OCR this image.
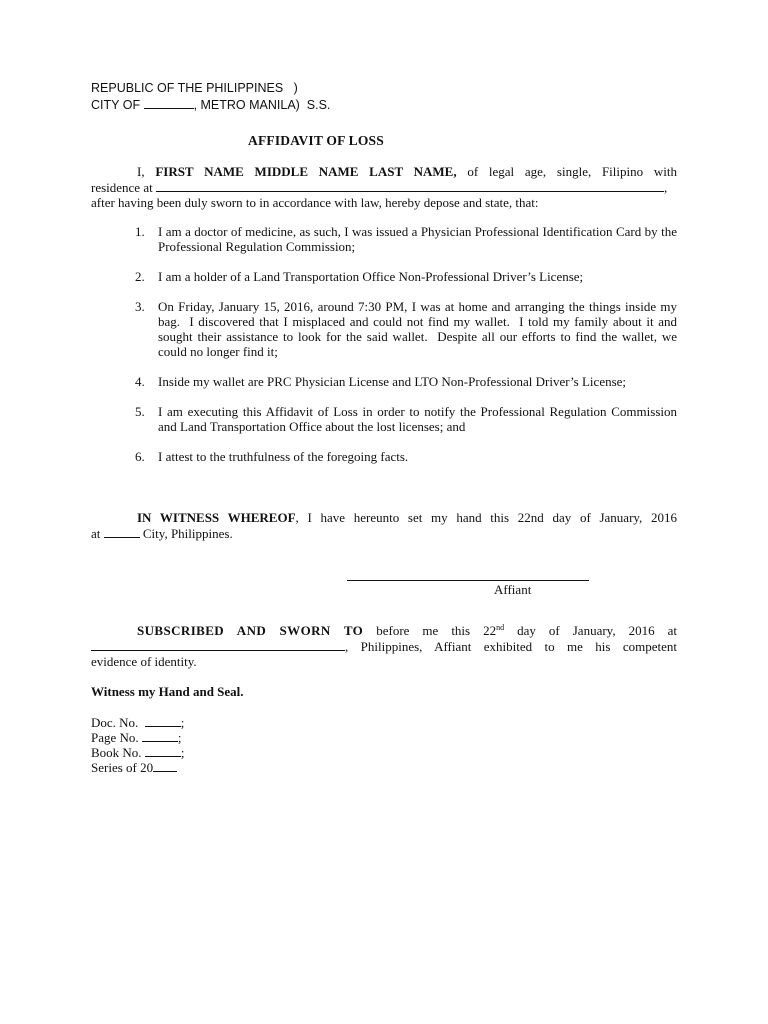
REPUBLIC OF THE PHILIPPINES   )
CITY OF	, METRO MANILA)  S.S.
AFFIDAVIT OF LOSS
I, FIRST NAME MIDDLE NAME LAST NAME, of legal age, single, Filipino with
residence at	,
after having been duly sworn to in accordance with law, hereby depose and state, that:
1. I am a doctor of medicine, as such, I was issued a Physician Professional Identification Card by the Professional Regulation Commission;
2. I am a holder of a Land Transportation Office Non-Professional Driver’s License;
3. On Friday, January 15, 2016, around 7:30 PM, I was at home and arranging the things inside my bag.  I discovered that I misplaced and could not find my wallet.  I told my family about it and sought their assistance to look for the said wallet.  Despite all our efforts to find the wallet, we could no longer find it;
4. Inside my wallet are PRC Physician License and LTO Non-Professional Driver’s License;
5. I am executing this Affidavit of Loss in order to notify the Professional Regulation Commission and Land Transportation Office about the lost licenses; and
6. I attest to the truthfulness of the foregoing facts.
IN WITNESS WHEREOF, I have hereunto set my hand this 22nd day of January, 2016
at	City, Philippines.
Affiant
SUBSCRIBED AND SWORN TO before me this 22nd day of January, 2016 at
, Philippines, Affiant exhibited to me his competent
evidence of identity.
Witness my Hand and Seal.
Doc. No.	;
Page No.	;
Book No.	;
Series of 20
